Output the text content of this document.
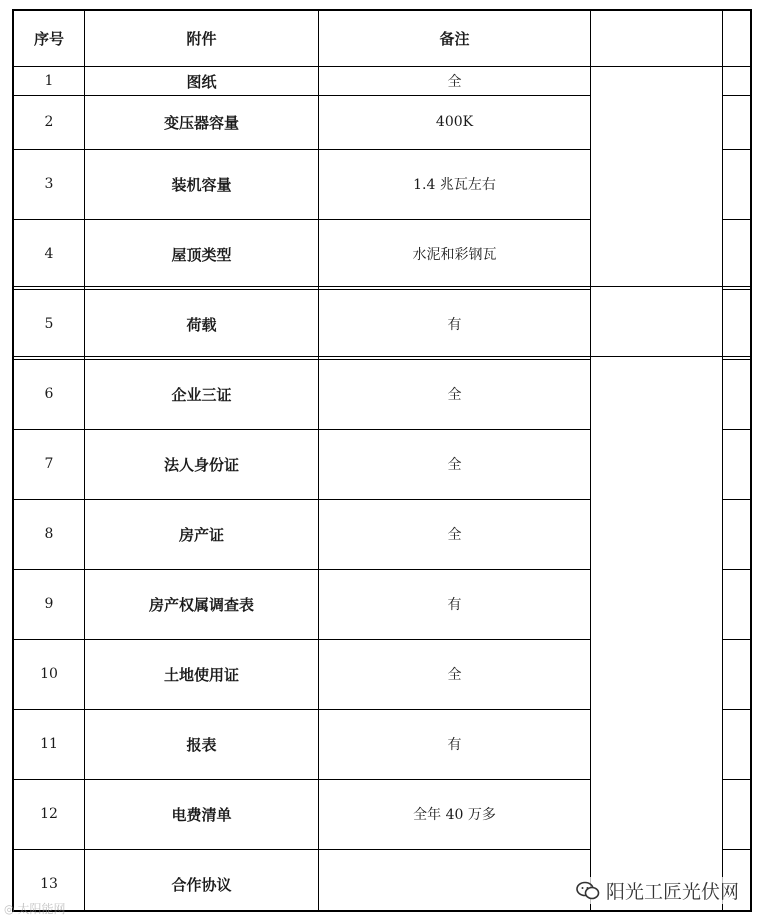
序号	附件	备注
1	图纸	全
2	变压器容量	400K
3	装机容量	1.4 兆瓦左右
4	屋顶类型	水泥和彩钢瓦
5	荷载	有
6	企业三证	全
7	法人身份证	全
8	房产证	全
9	房产权属调查表	有
10	土地使用证	全
11	报表	有
12	电费清单	全年 40 万多
13	合作协议
◎ 太阳能网
阳光工匠光伏网
